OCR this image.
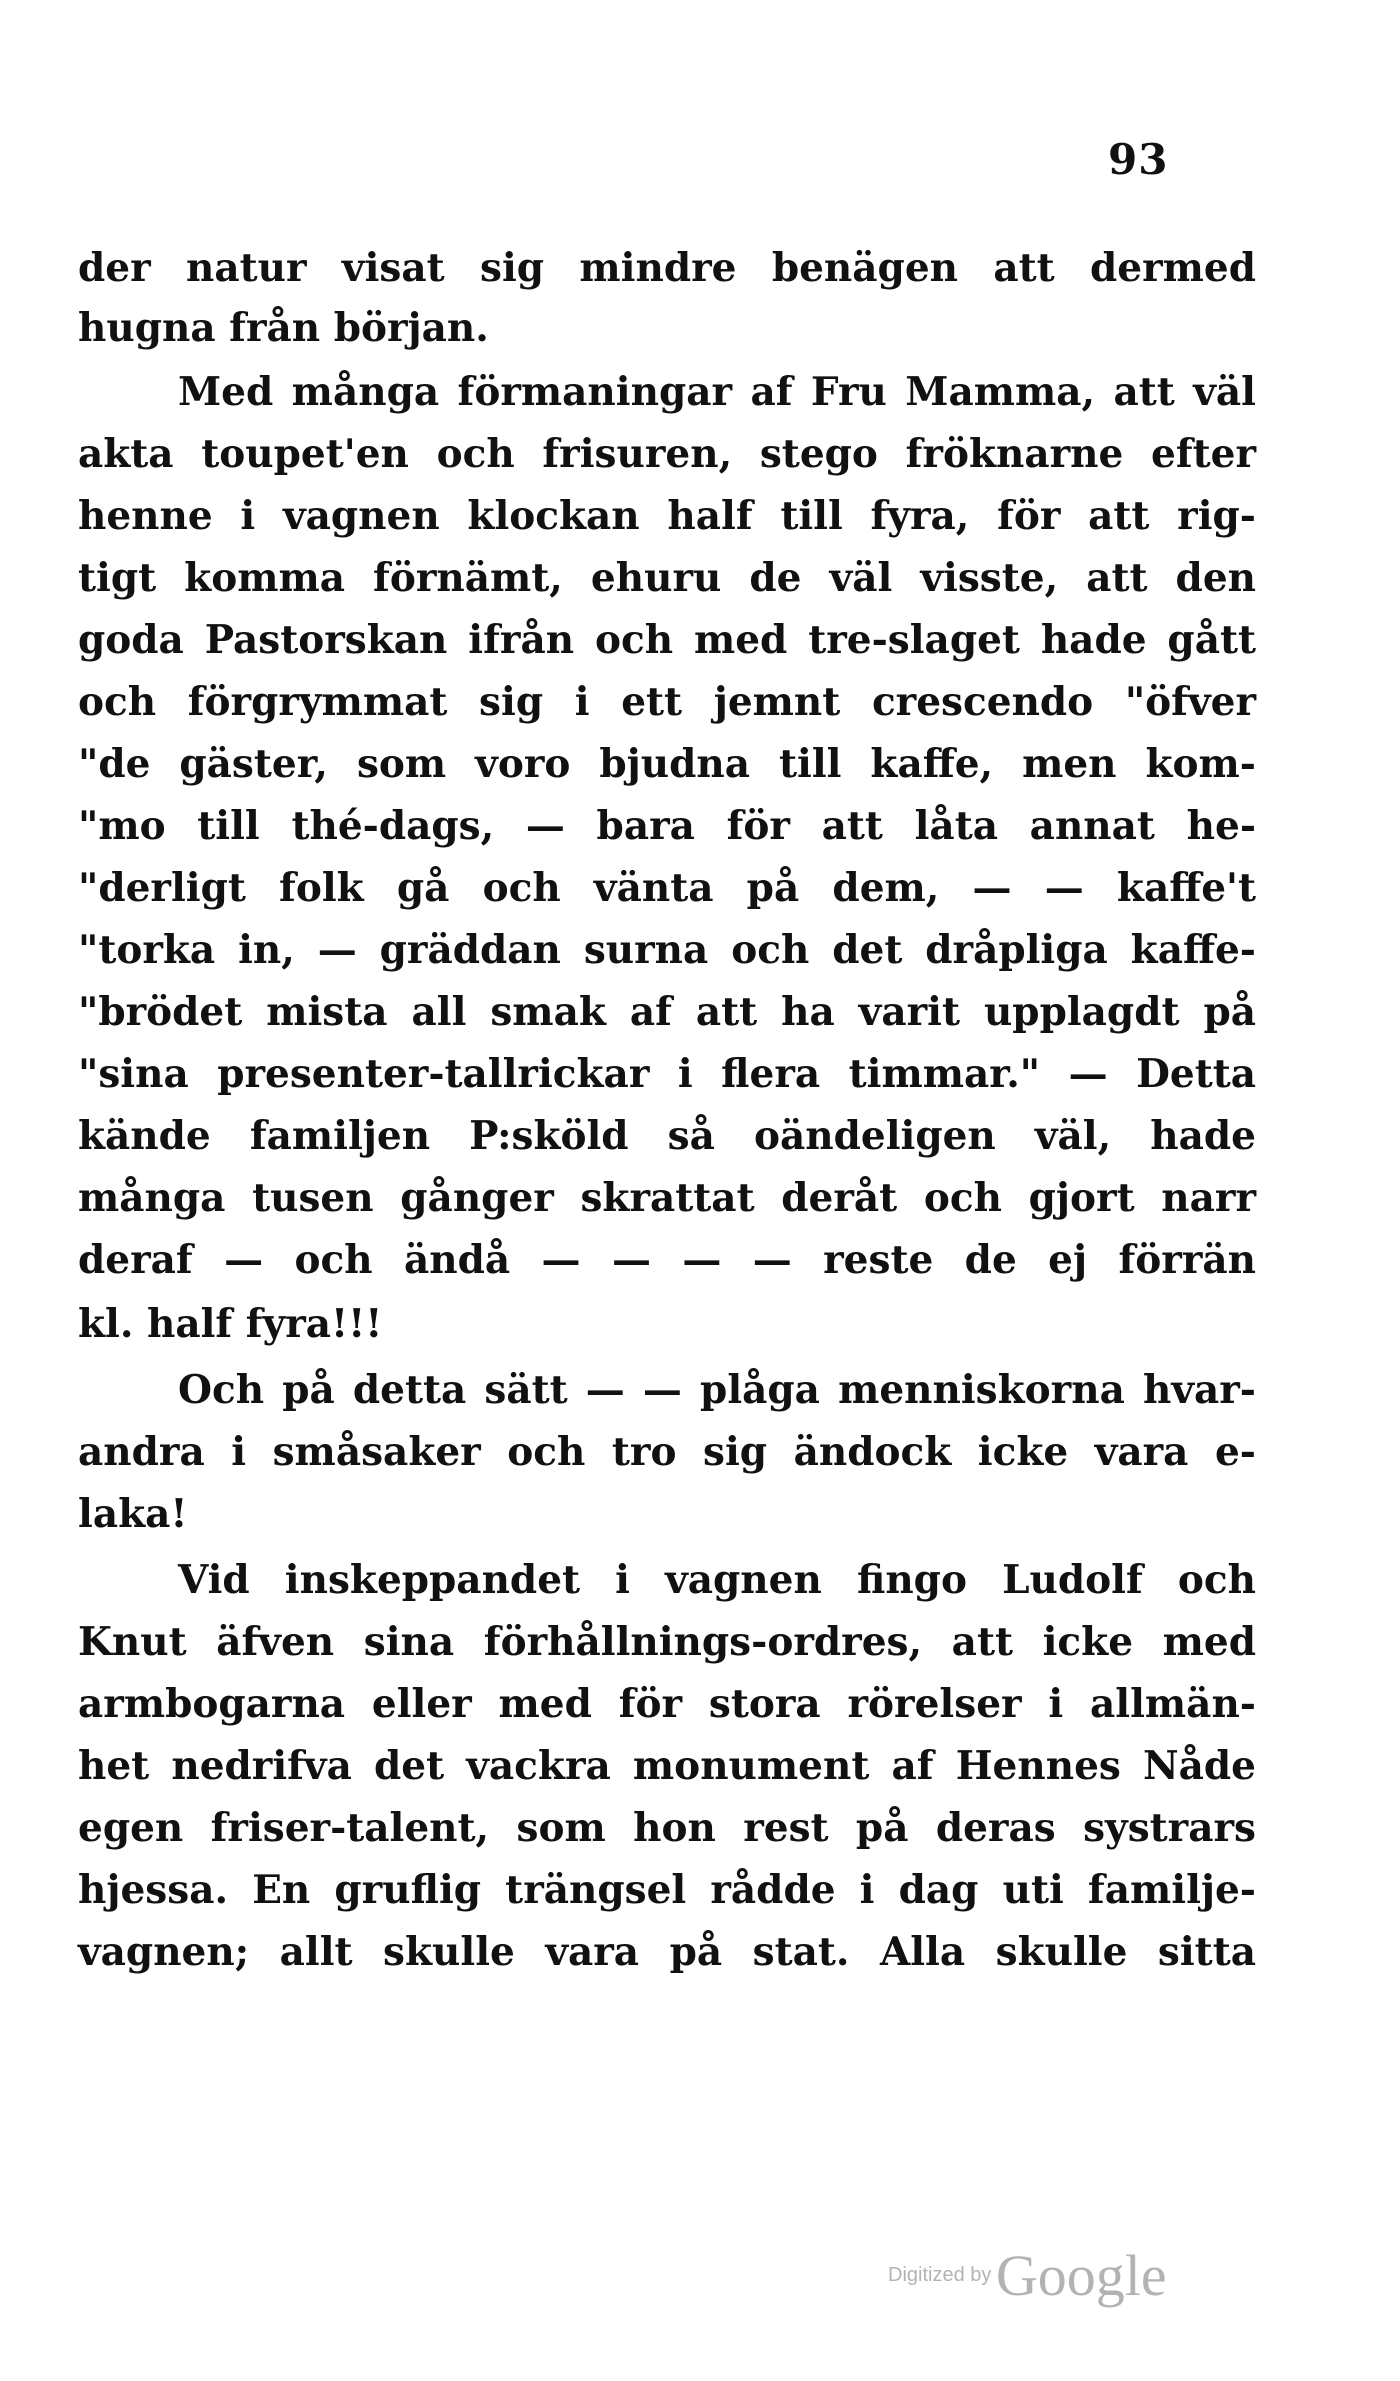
93
der natur visat sig mindre benägen att dermed
hugna från början.
Med många förmaningar af Fru Mamma, att väl
akta toupet'en och frisuren, stego fröknarne efter
henne i vagnen klockan half till fyra, för att rig-
tigt komma förnämt, ehuru de väl visste, att den
goda Pastorskan ifrån och med tre-slaget hade gått
och förgrymmat sig i ett jemnt crescendo "öfver
"de gäster, som voro bjudna till kaffe, men kom-
"mo till thé-dags, — bara för att låta annat he-
"derligt folk gå och vänta på dem, — — kaffe't
"torka in, — gräddan surna och det dråpliga kaffe-
"brödet mista all smak af att ha varit upplagdt på
"sina presenter-tallrickar i flera timmar." — Detta
kände familjen P:sköld så oändeligen väl, hade
många tusen gånger skrattat deråt och gjort narr
deraf — och ändå — — — — reste de ej förrän
kl. half fyra!!!
Och på detta sätt — — plåga menniskorna hvar-
andra i småsaker och tro sig ändock icke vara e-
laka!
Vid inskeppandet i vagnen fingo Ludolf och
Knut äfven sina förhållnings-ordres, att icke med
armbogarna eller med för stora rörelser i allmän-
het nedrifva det vackra monument af Hennes Nåde
egen friser-talent, som hon rest på deras systrars
hjessa. En gruflig trängsel rådde i dag uti familje-
vagnen; allt skulle vara på stat. Alla skulle sitta
Digitized by Google
